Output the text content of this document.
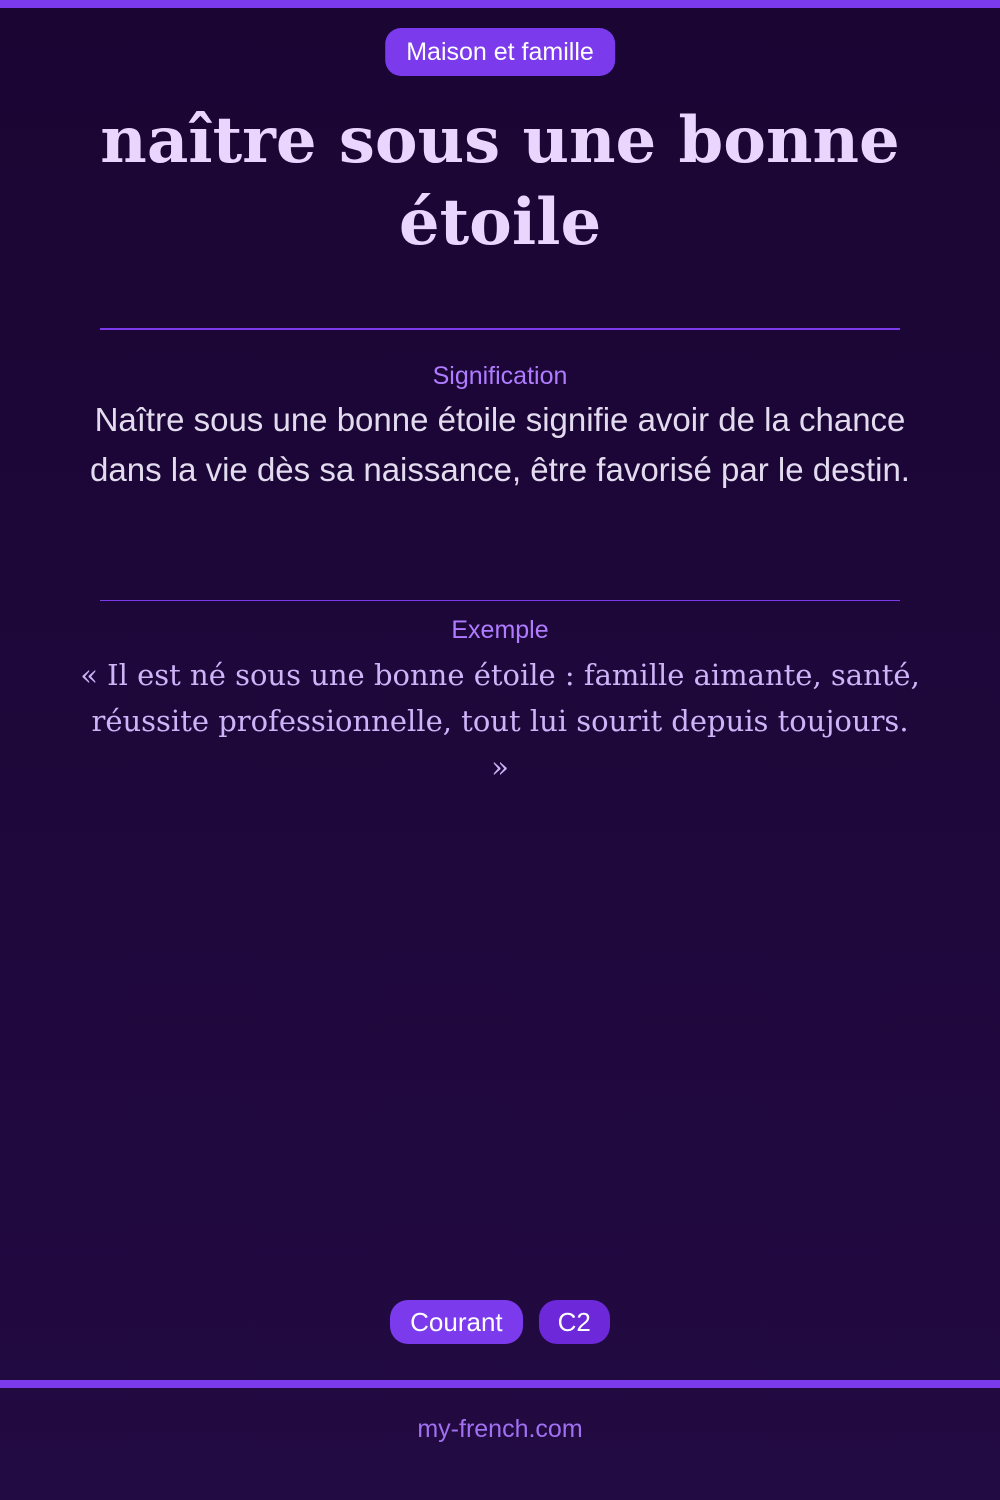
Maison et famille
naître sous une bonne étoile
Signification

Naître sous une bonne étoile signifie avoir de la chance dans la vie dès sa naissance, être favorisé par le destin.

Exemple

« Il est né sous une bonne étoile : famille aimante, santé, réussite professionnelle, tout lui sourit depuis toujours. »

Courant	C2
my-french.com
